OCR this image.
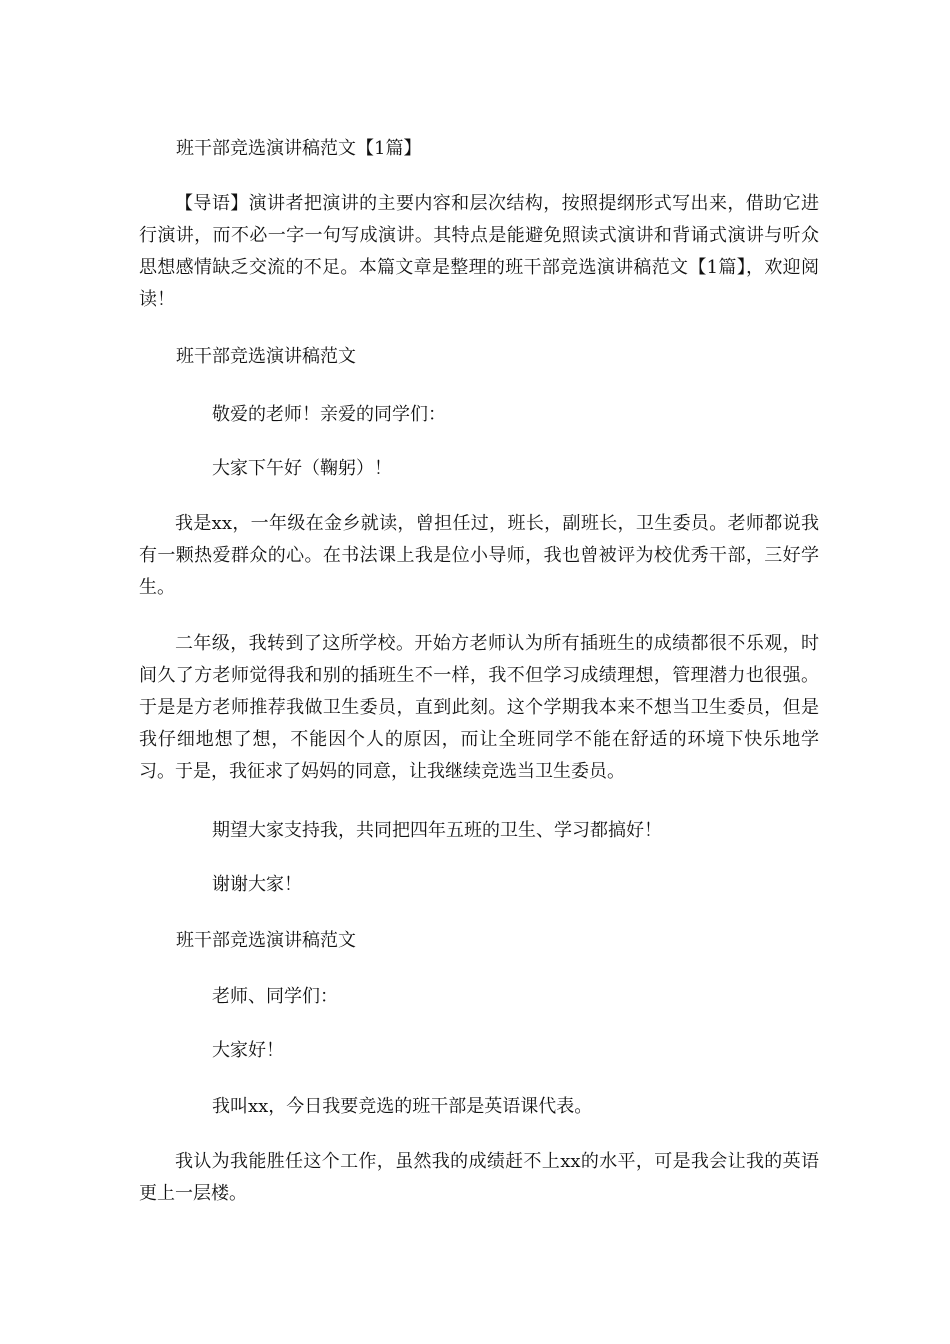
班干部竞选演讲稿范文【1篇】
【导语】演讲者把演讲的主要内容和层次结构，按照提纲形式写出来，借助它进行演讲，而不必一字一句写成演讲。其特点是能避免照读式演讲和背诵式演讲与听众思想感情缺乏交流的不足。本篇文章是整理的班干部竞选演讲稿范文【1篇】，欢迎阅读！
班干部竞选演讲稿范文
敬爱的老师！亲爱的同学们：
大家下午好（鞠躬）！
我是xx，一年级在金乡就读，曾担任过，班长，副班长，卫生委员。老师都说我有一颗热爱群众的心。在书法课上我是位小导师，我也曾被评为校优秀干部，三好学生。
二年级，我转到了这所学校。开始方老师认为所有插班生的成绩都很不乐观，时间久了方老师觉得我和别的插班生不一样，我不但学习成绩理想，管理潜力也很强。于是是方老师推荐我做卫生委员，直到此刻。这个学期我本来不想当卫生委员，但是我仔细地想了想，不能因个人的原因，而让全班同学不能在舒适的环境下快乐地学习。于是，我征求了妈妈的同意，让我继续竞选当卫生委员。
期望大家支持我，共同把四年五班的卫生、学习都搞好！
谢谢大家！
班干部竞选演讲稿范文
老师、同学们：
大家好！
我叫xx，今日我要竞选的班干部是英语课代表。
我认为我能胜任这个工作，虽然我的成绩赶不上xx的水平，可是我会让我的英语更上一层楼。
